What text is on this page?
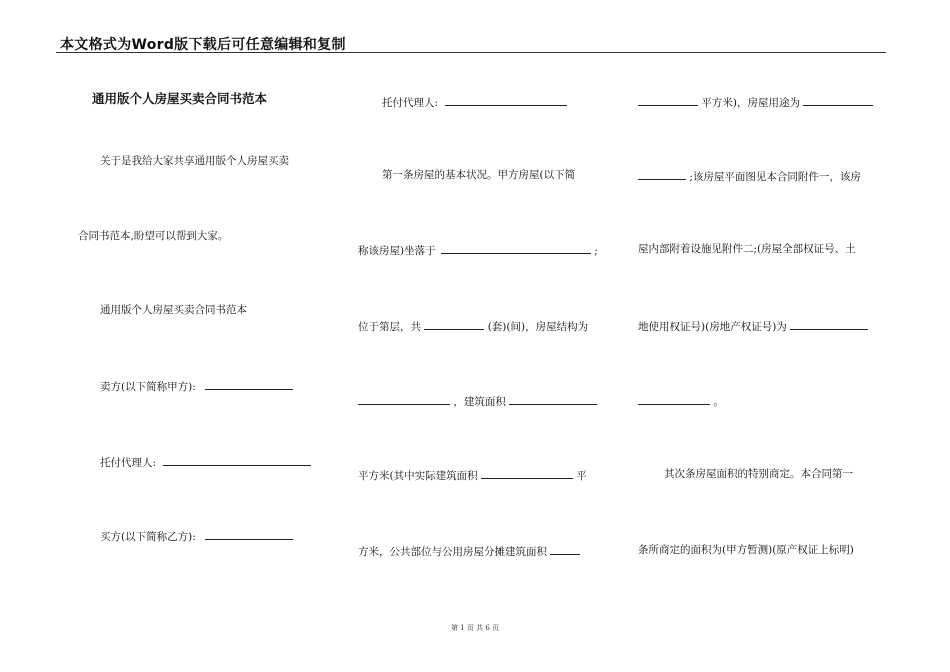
本文格式为Word版下载后可任意编辑和复制
通用版个人房屋买卖合同书范本
关于是我给大家共享通用版个人房屋买卖
合同书范本,盼望可以帮到大家。
通用版个人房屋买卖合同书范本
卖方(以下简称甲方):
托付代理人:
买方(以下简称乙方):
托付代理人:
第一条房屋的基本状况。甲方房屋(以下简
称该房屋)坐落于	;
位于第层，共	(套)(间)，房屋结构为
，建筑面积
平方米(其中实际建筑面积	平
方米，公共部位与公用房屋分摊建筑面积
平方米)，房屋用途为
;该房屋平面图见本合同附件一，该房
屋内部附着设施见附件二;(房屋全部权证号、土
地使用权证号)(房地产权证号)为
。
其次条房屋面积的特别商定。本合同第一
条所商定的面积为(甲方暂测)(原产权证上标明)
第 1 页 共 6 页
